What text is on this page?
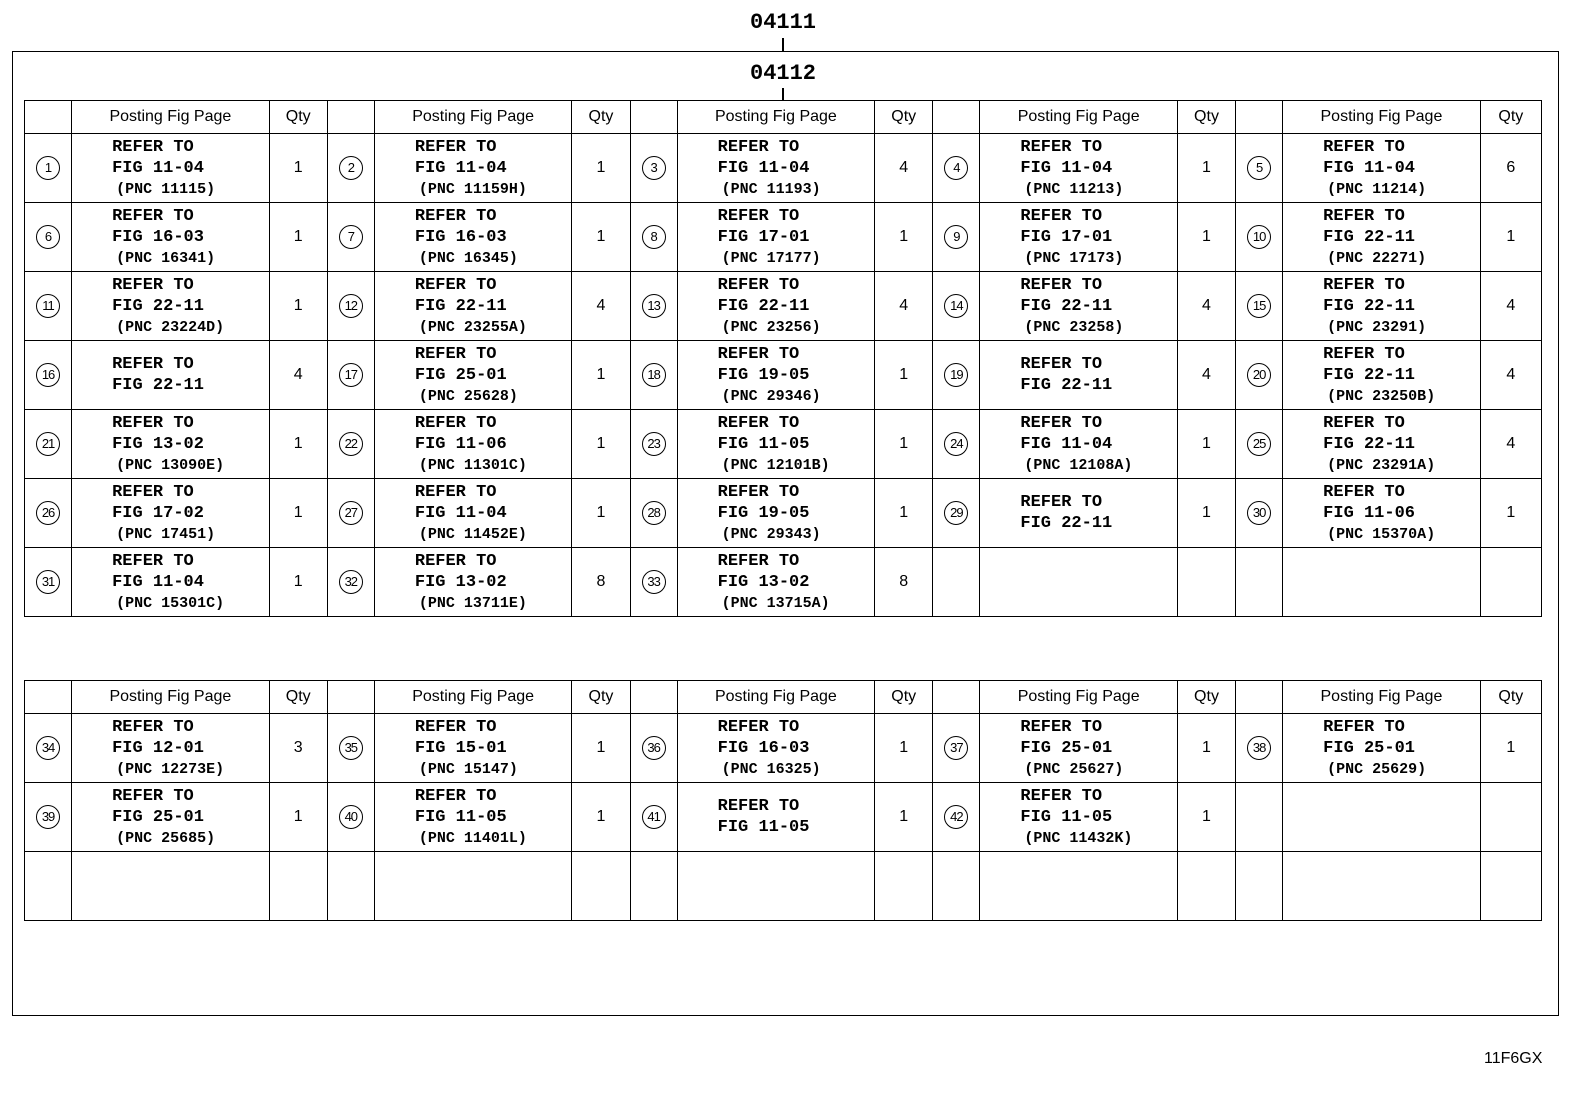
04111
04112
	Posting Fig Page	Qty		Posting Fig Page	Qty		Posting Fig Page	Qty		Posting Fig Page	Qty		Posting Fig Page	Qty
1	REFER TO
FIG 11-04
(PNC 11115)	1	2	REFER TO
FIG 11-04
(PNC 11159H)	1	3	REFER TO
FIG 11-04
(PNC 11193)	4	4	REFER TO
FIG 11-04
(PNC 11213)	1	5	REFER TO
FIG 11-04
(PNC 11214)	6
6	REFER TO
FIG 16-03
(PNC 16341)	1	7	REFER TO
FIG 16-03
(PNC 16345)	1	8	REFER TO
FIG 17-01
(PNC 17177)	1	9	REFER TO
FIG 17-01
(PNC 17173)	1	10	REFER TO
FIG 22-11
(PNC 22271)	1
11	REFER TO
FIG 22-11
(PNC 23224D)	1	12	REFER TO
FIG 22-11
(PNC 23255A)	4	13	REFER TO
FIG 22-11
(PNC 23256)	4	14	REFER TO
FIG 22-11
(PNC 23258)	4	15	REFER TO
FIG 22-11
(PNC 23291)	4
16	REFER TO
FIG 22-11	4	17	REFER TO
FIG 25-01
(PNC 25628)	1	18	REFER TO
FIG 19-05
(PNC 29346)	1	19	REFER TO
FIG 22-11	4	20	REFER TO
FIG 22-11
(PNC 23250B)	4
21	REFER TO
FIG 13-02
(PNC 13090E)	1	22	REFER TO
FIG 11-06
(PNC 11301C)	1	23	REFER TO
FIG 11-05
(PNC 12101B)	1	24	REFER TO
FIG 11-04
(PNC 12108A)	1	25	REFER TO
FIG 22-11
(PNC 23291A)	4
26	REFER TO
FIG 17-02
(PNC 17451)	1	27	REFER TO
FIG 11-04
(PNC 11452E)	1	28	REFER TO
FIG 19-05
(PNC 29343)	1	29	REFER TO
FIG 22-11	1	30	REFER TO
FIG 11-06
(PNC 15370A)	1
31	REFER TO
FIG 11-04
(PNC 15301C)	1	32	REFER TO
FIG 13-02
(PNC 13711E)	8	33	REFER TO
FIG 13-02
(PNC 13715A)	8						
	Posting Fig Page	Qty		Posting Fig Page	Qty		Posting Fig Page	Qty		Posting Fig Page	Qty		Posting Fig Page	Qty
34	REFER TO
FIG 12-01
(PNC 12273E)	3	35	REFER TO
FIG 15-01
(PNC 15147)	1	36	REFER TO
FIG 16-03
(PNC 16325)	1	37	REFER TO
FIG 25-01
(PNC 25627)	1	38	REFER TO
FIG 25-01
(PNC 25629)	1
39	REFER TO
FIG 25-01
(PNC 25685)	1	40	REFER TO
FIG 11-05
(PNC 11401L)	1	41	REFER TO
FIG 11-05	1	42	REFER TO
FIG 11-05
(PNC 11432K)	1			

11F6GX
